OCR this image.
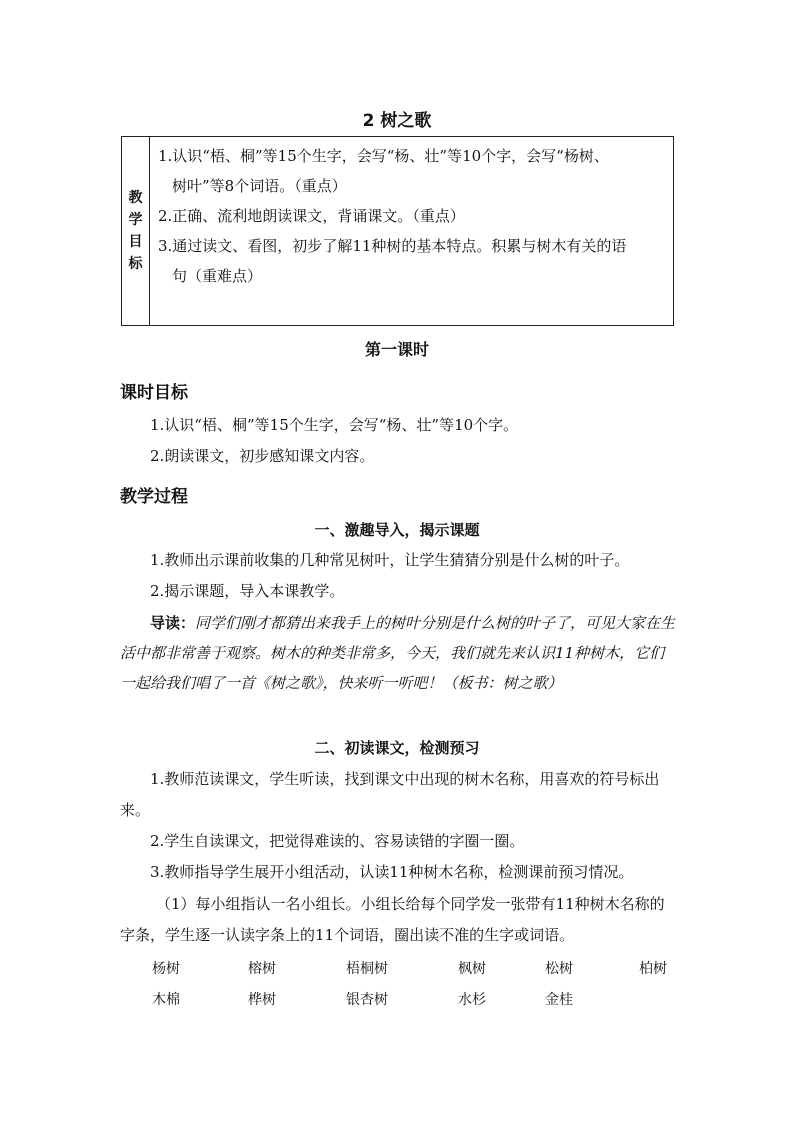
2 树之歌
教学目标	

1.认识“梧、桐”等15个生字，会写“杨、壮”等10个字，会写“杨树、

树叶”等8个词语。（重点）

2.正确、流利地朗读课文，背诵课文。（重点）

3.通过读文、看图，初步了解11种树的基本特点。积累与树木有关的语

句（重难点）

第一课时
课时目标
1.认识“梧、桐”等15个生字，会写“杨、壮”等10个字。
2.朗读课文，初步感知课文内容。
教学过程
一、激趣导入，揭示课题
1.教师出示课前收集的几种常见树叶，让学生猜猜分别是什么树的叶子。
2.揭示课题，导入本课教学。
导读：同学们刚才都猜出来我手上的树叶分别是什么树的叶子了，可见大家在生活中都非常善于观察。树木的种类非常多，今天，我们就先来认识11种树木，它们一起给我们唱了一首《树之歌》，快来听一听吧！（板书：树之歌）
二、初读课文，检测预习
1.教师范读课文，学生听读，找到课文中出现的树木名称，用喜欢的符号标出来。
2.学生自读课文，把觉得难读的、容易读错的字圈一圈。
3.教师指导学生展开小组活动，认读11种树木名称，检测课前预习情况。
（1）每小组指认一名小组长。小组长给每个同学发一张带有11种树木名称的字条，学生逐一认读字条上的11个词语，圈出读不准的生字或词语。
杨树	榕树	梧桐树	枫树	松树	柏树
木棉	桦树	银杏树	水杉	金桂
